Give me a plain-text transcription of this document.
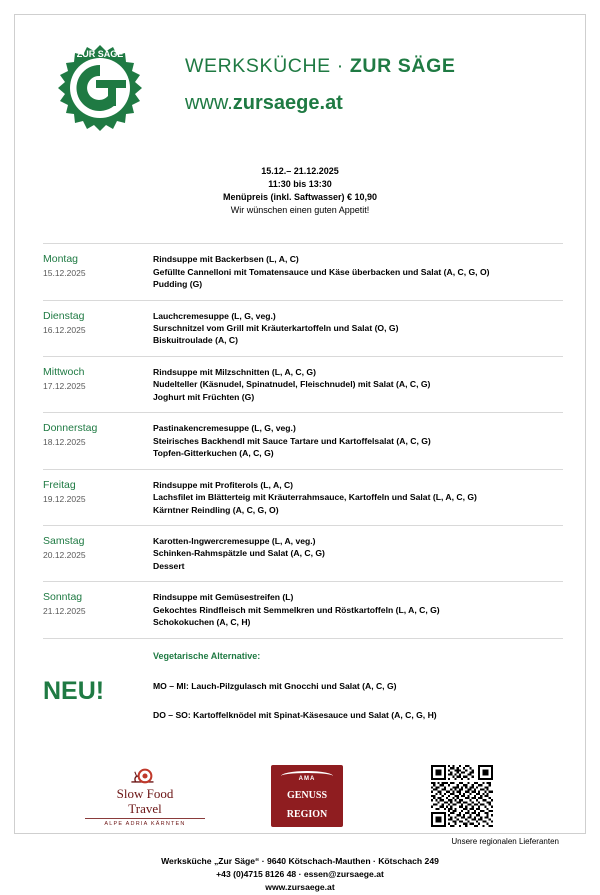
ZUR SÄGE
WERKSKÜCHE · ZUR SÄGE
www.zursaege.at
15.12.– 21.12.2025
11:30 bis 13:30
Menüpreis (inkl. Saftwasser) € 10,90
Wir wünschen einen guten Appetit!
Montag
15.12.2025
Rindsuppe mit Backerbsen (L, A, C)
Gefüllte Cannelloni mit Tomatensauce und Käse überbacken und Salat (A, C, G, O)
Pudding (G)
Dienstag
16.12.2025
Lauchcremesuppe (L, G, veg.)
Surschnitzel vom Grill mit Kräuterkartoffeln und Salat (O, G)
Biskuitroulade (A, C)
Mittwoch
17.12.2025
Rindsuppe mit Milzschnitten (L, A, C, G)
Nudelteller (Käsnudel, Spinatnudel, Fleischnudel) mit Salat (A, C, G)
Joghurt mit Früchten (G)
Donnerstag
18.12.2025
Pastinakencremesuppe (L, G, veg.)
Steirisches Backhendl mit Sauce Tartare und Kartoffelsalat (A, C, G)
Topfen-Gitterkuchen (A, C, G)
Freitag
19.12.2025
Rindsuppe mit Profiterols (L, A, C)
Lachsfilet im Blätterteig mit Kräuterrahmsauce, Kartoffeln und Salat (L, A, C, G)
Kärntner Reindling (A, C, G, O)
Samstag
20.12.2025
Karotten-Ingwercremesuppe (L, A, veg.)
Schinken-Rahmspätzle und Salat (A, C, G)
Dessert
Sonntag
21.12.2025
Rindsuppe mit Gemüsestreifen (L)
Gekochtes Rindfleisch mit Semmelkren und Röstkartoffeln (L, A, C, G)
Schokokuchen (A, C, H)
NEU!
Vegetarische Alternative:
MO – MI: Lauch-Pilzgulasch mit Gnocchi und Salat (A, C, G)
DO – SO: Kartoffelknödel mit Spinat-Käsesauce und Salat (A, C, G, H)
Slow Food
Travel
ALPE ADRIA KÄRNTEN
AMA
GENUSS
REGION
Unsere regionalen Lieferanten
Werksküche „Zur Säge“ · 9640 Kötschach-Mauthen · Kötschach 249
+43 (0)4715 8126 48 · essen@zursaege.at
www.zursaege.at
